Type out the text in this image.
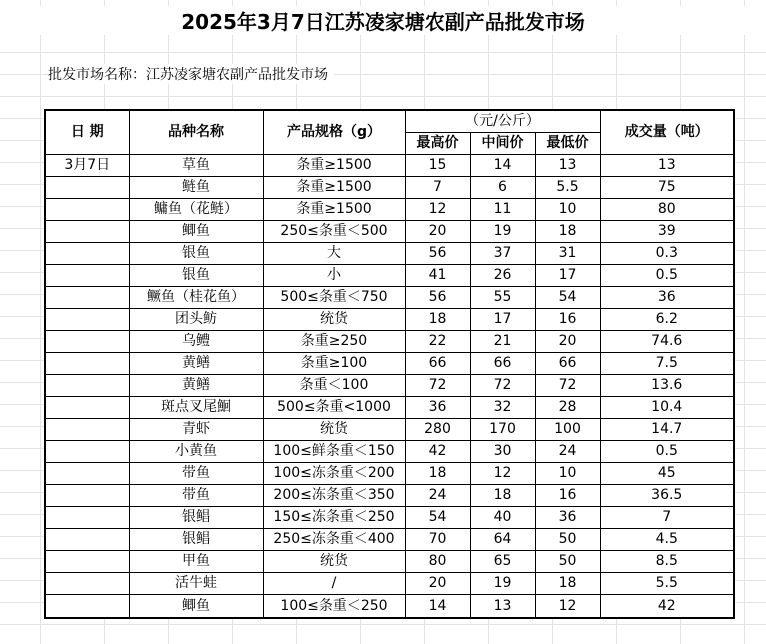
2025年3月7日江苏凌家塘农副产品批发市场
批发市场名称：江苏凌家塘农副产品批发市场
日 期	品种名称	产品规格（g）	（元/公斤）			成交量（吨）
			最高价	中间价	最低价	
3月7日	草鱼	条重≥1500	15	14	13	13
	鲢鱼	条重≥1500	7	6	5.5	75
	鳙鱼（花鲢）	条重≥1500	12	11	10	80
	鲫鱼	250≤条重＜500	20	19	18	39
	银鱼	大	56	37	31	0.3
	银鱼	小	41	26	17	0.5
	鳜鱼（桂花鱼）	500≤条重＜750	56	55	54	36
	团头鲂	统货	18	17	16	6.2
	乌鳢	条重≥250	22	21	20	74.6
	黄鳝	条重≥100	66	66	66	7.5
	黄鳝	条重＜100	72	72	72	13.6
	斑点叉尾鮰	500≤条重<1000	36	32	28	10.4
	青虾	统货	280	170	100	14.7
	小黄鱼	100≤鲜条重＜150	42	30	24	0.5
	带鱼	100≤冻条重＜200	18	12	10	45
	带鱼	200≤冻条重＜350	24	18	16	36.5
	银鲳	150≤冻条重＜250	54	40	36	7
	银鲳	250≤冻条重＜400	70	64	50	4.5
	甲鱼	统货	80	65	50	8.5
	活牛蛙	/	20	19	18	5.5
	鲫鱼	100≤条重＜250	14	13	12	42
